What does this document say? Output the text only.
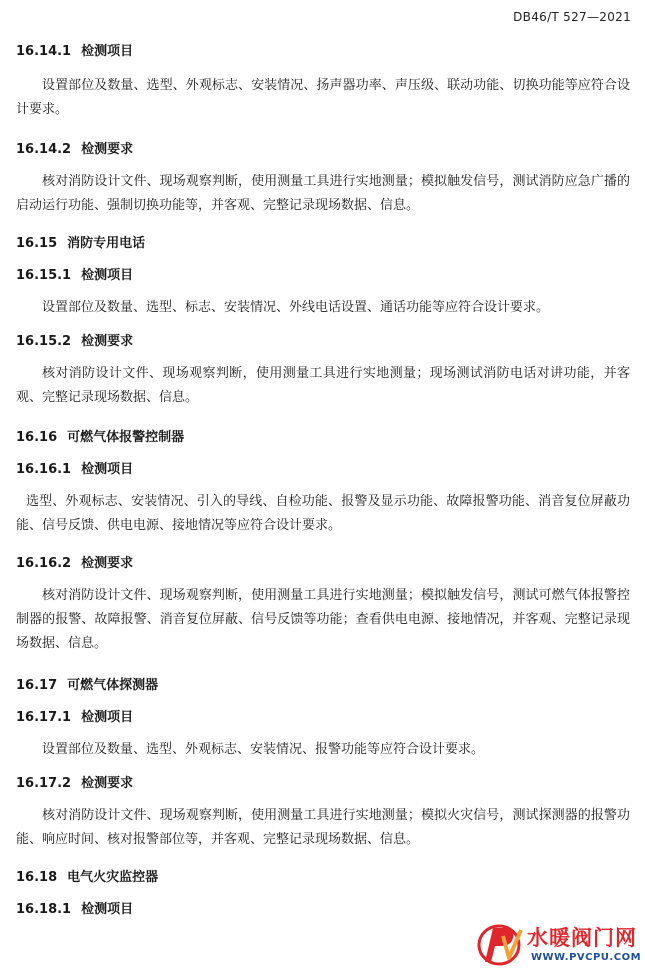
DB46/T 527—2021
16.14.1 检测项目
设置部位及数量、选型、外观标志、安装情况、扬声器功率、声压级、联动功能、切换功能等应符合设计要求。
16.14.2 检测要求
核对消防设计文件、现场观察判断，使用测量工具进行实地测量；模拟触发信号，测试消防应急广播的启动运行功能、强制切换功能等，并客观、完整记录现场数据、信息。
16.15 消防专用电话
16.15.1 检测项目
设置部位及数量、选型、标志、安装情况、外线电话设置、通话功能等应符合设计要求。
16.15.2 检测要求
核对消防设计文件、现场观察判断，使用测量工具进行实地测量；现场测试消防电话对讲功能，并客观、完整记录现场数据、信息。
16.16 可燃气体报警控制器
16.16.1 检测项目
选型、外观标志、安装情况、引入的导线、自检功能、报警及显示功能、故障报警功能、消音复位屏蔽功能、信号反馈、供电电源、接地情况等应符合设计要求。
16.16.2 检测要求
核对消防设计文件、现场观察判断，使用测量工具进行实地测量；模拟触发信号，测试可燃气体报警控制器的报警、故障报警、消音复位屏蔽、信号反馈等功能；查看供电电源、接地情况，并客观、完整记录现场数据、信息。
16.17 可燃气体探测器
16.17.1 检测项目
设置部位及数量、选型、外观标志、安装情况、报警功能等应符合设计要求。
16.17.2 检测要求
核对消防设计文件、现场观察判断，使用测量工具进行实地测量；模拟火灾信号，测试探测器的报警功能、响应时间、核对报警部位等，并客观、完整记录现场数据、信息。
16.18 电气火灾监控器
16.18.1 检测项目
水暖阀门网
WWW.PVCPU.COM
